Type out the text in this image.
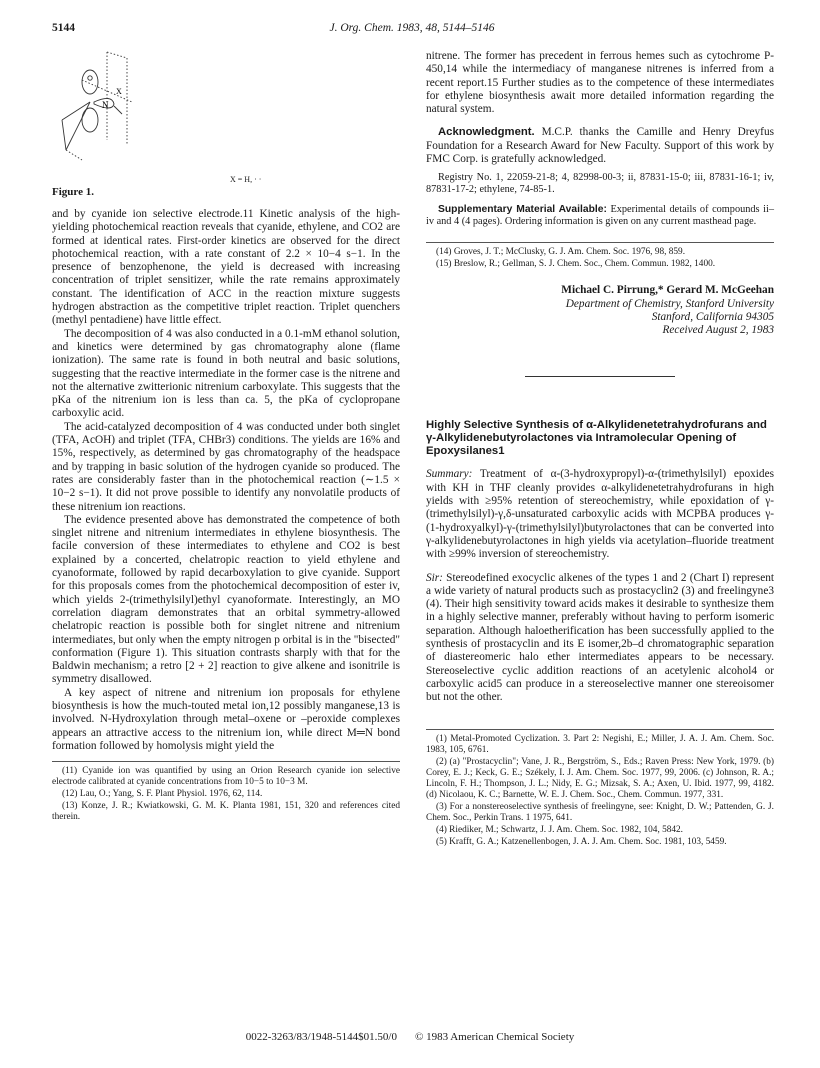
5144	J. Org. Chem. 1983, 48, 5144–5146
N
X
X = H, · ·
Figure 1.

and by cyanide ion selective electrode.11 Kinetic analysis of the high-yielding photochemical reaction reveals that cyanide, ethylene, and CO2 are formed at identical rates. First-order kinetics are observed for the direct photochemical reaction, with a rate constant of 2.2 × 10−4 s−1. In the presence of benzophenone, the yield is decreased with increasing concentration of triplet sensitizer, while the rate remains approximately constant. The identification of ACC in the reaction mixture suggests hydrogen abstraction as the competitive triplet reaction. Triplet quenchers (methyl pentadiene) have little effect.

The decomposition of 4 was also conducted in a 0.1-mM ethanol solution, and kinetics were determined by gas chromatography alone (flame ionization). The same rate is found in both neutral and basic solutions, suggesting that the reactive intermediate in the former case is the nitrene and not the alternative zwitterionic nitrenium carboxylate. This suggests that the pKa of the nitrenium ion is less than ca. 5, the pKa of cyclopropane carboxylic acid.

The acid-catalyzed decomposition of 4 was conducted under both singlet (TFA, AcOH) and triplet (TFA, CHBr3) conditions. The yields are 16% and 15%, respectively, as determined by gas chromatography of the headspace and by trapping in basic solution of the hydrogen cyanide so produced. The rates are considerably faster than in the photochemical reaction (∼1.5 × 10−2 s−1). It did not prove possible to identify any nonvolatile products of these nitrenium ion reactions.

The evidence presented above has demonstrated the competence of both singlet nitrene and nitrenium intermediates in ethylene biosynthesis. The facile conversion of these intermediates to ethylene and CO2 is best explained by a concerted, chelatropic reaction to yield ethylene and cyanoformate, followed by rapid decarboxylation to give cyanide. Support for this proposals comes from the photochemical decomposition of ester iv, which yields 2-(trimethylsilyl)ethyl cyanoformate. Interestingly, an MO correlation diagram demonstrates that an orbital symmetry-allowed chelatropic reaction is possible both for singlet nitrene and nitrenium intermediates, but only when the empty nitrogen p orbital is in the "bisected" conformation (Figure 1). This situation contrasts sharply with that for the Baldwin mechanism; a retro [2 + 2] reaction to give alkene and isonitrile is symmetry disallowed.

A key aspect of nitrene and nitrenium ion proposals for ethylene biosynthesis is how the much-touted metal ion,12 possibly manganese,13 is involved. N-Hydroxylation through metal–oxene or –peroxide complexes appears an attractive access to the nitrenium ion, while direct M═N bond formation followed by homolysis might yield the

(11) Cyanide ion was quantified by using an Orion Research cyanide ion selective electrode calibrated at cyanide concentrations from 10−5 to 10−3 M.

(12) Lau, O.; Yang, S. F. Plant Physiol. 1976, 62, 114.

(13) Konze, J. R.; Kwiatkowski, G. M. K. Planta 1981, 151, 320 and references cited therein.

nitrene. The former has precedent in ferrous hemes such as cytochrome P-450,14 while the intermediacy of manganese nitrenes is inferred from a recent report.15 Further studies as to the competence of these intermediates for ethylene biosynthesis await more detailed information regarding the natural system.

Acknowledgment. M.C.P. thanks the Camille and Henry Dreyfus Foundation for a Research Award for New Faculty. Support of this work by FMC Corp. is gratefully acknowledged.

Registry No. 1, 22059-21-8; 4, 82998-00-3; ii, 87831-15-0; iii, 87831-16-1; iv, 87831-17-2; ethylene, 74-85-1.

Supplementary Material Available: Experimental details of compounds ii–iv and 4 (4 pages). Ordering information is given on any current masthead page.

(14) Groves, J. T.; McClusky, G. J. Am. Chem. Soc. 1976, 98, 859.

(15) Breslow, R.; Gellman, S. J. Chem. Soc., Chem. Commun. 1982, 1400.

Michael C. Pirrung,* Gerard M. McGeehan
Department of Chemistry, Stanford University
Stanford, California 94305
Received August 2, 1983
Highly Selective Synthesis of α-Alkylidenetetrahydrofurans and γ-Alkylidenebutyrolactones via Intramolecular Opening of Epoxysilanes1

Summary: Treatment of α-(3-hydroxypropyl)-α-(trimethylsilyl) epoxides with KH in THF cleanly provides α-alkylidenetetrahydrofurans in high yields with ≥95% retention of stereochemistry, while epoxidation of γ-(trimethylsilyl)-γ,δ-unsaturated carboxylic acids with MCPBA produces γ-(1-hydroxyalkyl)-γ-(trimethylsilyl)butyrolactones that can be converted into γ-alkylidenebutyrolactones in high yields via acetylation–fluoride treatment with ≥99% inversion of stereochemistry.

Sir: Stereodefined exocyclic alkenes of the types 1 and 2 (Chart I) represent a wide variety of natural products such as prostacyclin2 (3) and freelingyne3 (4). Their high sensitivity toward acids makes it desirable to synthesize them in a highly selective manner, preferably without having to perform isomeric separation. Although haloetherification has been successfully applied to the synthesis of prostacyclin and its E isomer,2b–d chromatographic separation of diastereomeric halo ether intermediates appears to be necessary. Stereoselective cyclic addition reactions of an acetylenic alcohol4 or carboxylic acid5 can produce in a stereoselective manner one stereoisomer but not the other.

(1) Metal-Promoted Cyclization. 3. Part 2: Negishi, E.; Miller, J. A. J. Am. Chem. Soc. 1983, 105, 6761.

(2) (a) "Prostacyclin"; Vane, J. R., Bergström, S., Eds.; Raven Press: New York, 1979. (b) Corey, E. J.; Keck, G. E.; Székely, I. J. Am. Chem. Soc. 1977, 99, 2006. (c) Johnson, R. A.; Lincoln, F. H.; Thompson, J. L.; Nidy, E. G.; Mizsak, S. A.; Axen, U. Ibid. 1977, 99, 4182. (d) Nicolaou, K. C.; Barnette, W. E. J. Chem. Soc., Chem. Commun. 1977, 331.

(3) For a nonstereoselective synthesis of freelingyne, see: Knight, D. W.; Pattenden, G. J. Chem. Soc., Perkin Trans. 1 1975, 641.

(4) Riediker, M.; Schwartz, J. J. Am. Chem. Soc. 1982, 104, 5842.

(5) Krafft, G. A.; Katzenellenbogen, J. A. J. Am. Chem. Soc. 1981, 103, 5459.

0022-3263/83/1948-5144$01.50/0 © 1983 American Chemical Society
